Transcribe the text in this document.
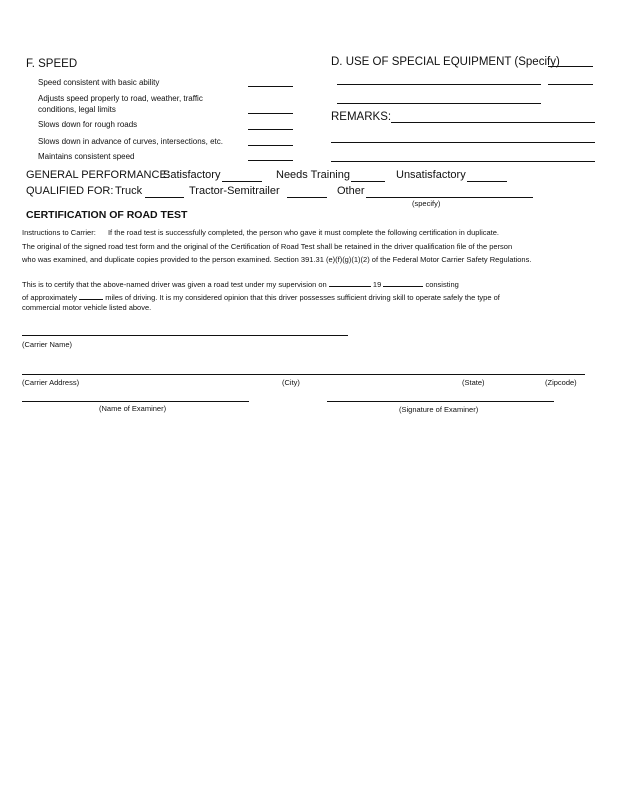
F. SPEED
Speed consistent with basic ability
Adjusts speed properly to road, weather, traffic
conditions, legal limits
Slows down for rough roads
Slows down in advance of curves, intersections, etc.
Maintains consistent speed
D. USE OF SPECIAL EQUIPMENT (Specify)
REMARKS:
GENERAL PERFORMANCE:
Satisfactory	Needs Training	Unsatisfactory
QUALIFIED FOR: Truck	Tractor-Semitrailer	Other
(specify)
CERTIFICATION OF ROAD TEST
Instructions to Carrier: If the road test is successfully completed, the person who gave it must complete the following certification in duplicate.
The original of the signed road test form and the original of the Certification of Road Test shall be retained in the driver qualification file of the person
who was examined, and duplicate copies provided to the person examined. Section 391.31 (e)(f)(g)(1)(2) of the Federal Motor Carrier Safety Regulations.
This is to certify that the above-named driver was given a road test under my supervision on	19	consisting
of approximately	miles of driving. It is my considered opinion that this driver possesses sufficient driving skill to operate safely the type of
commercial motor vehicle listed above.
(Carrier Name)
(Carrier Address)	(City)	(State)	(Zipcode)
(Name of Examiner)	(Signature of Examiner)
